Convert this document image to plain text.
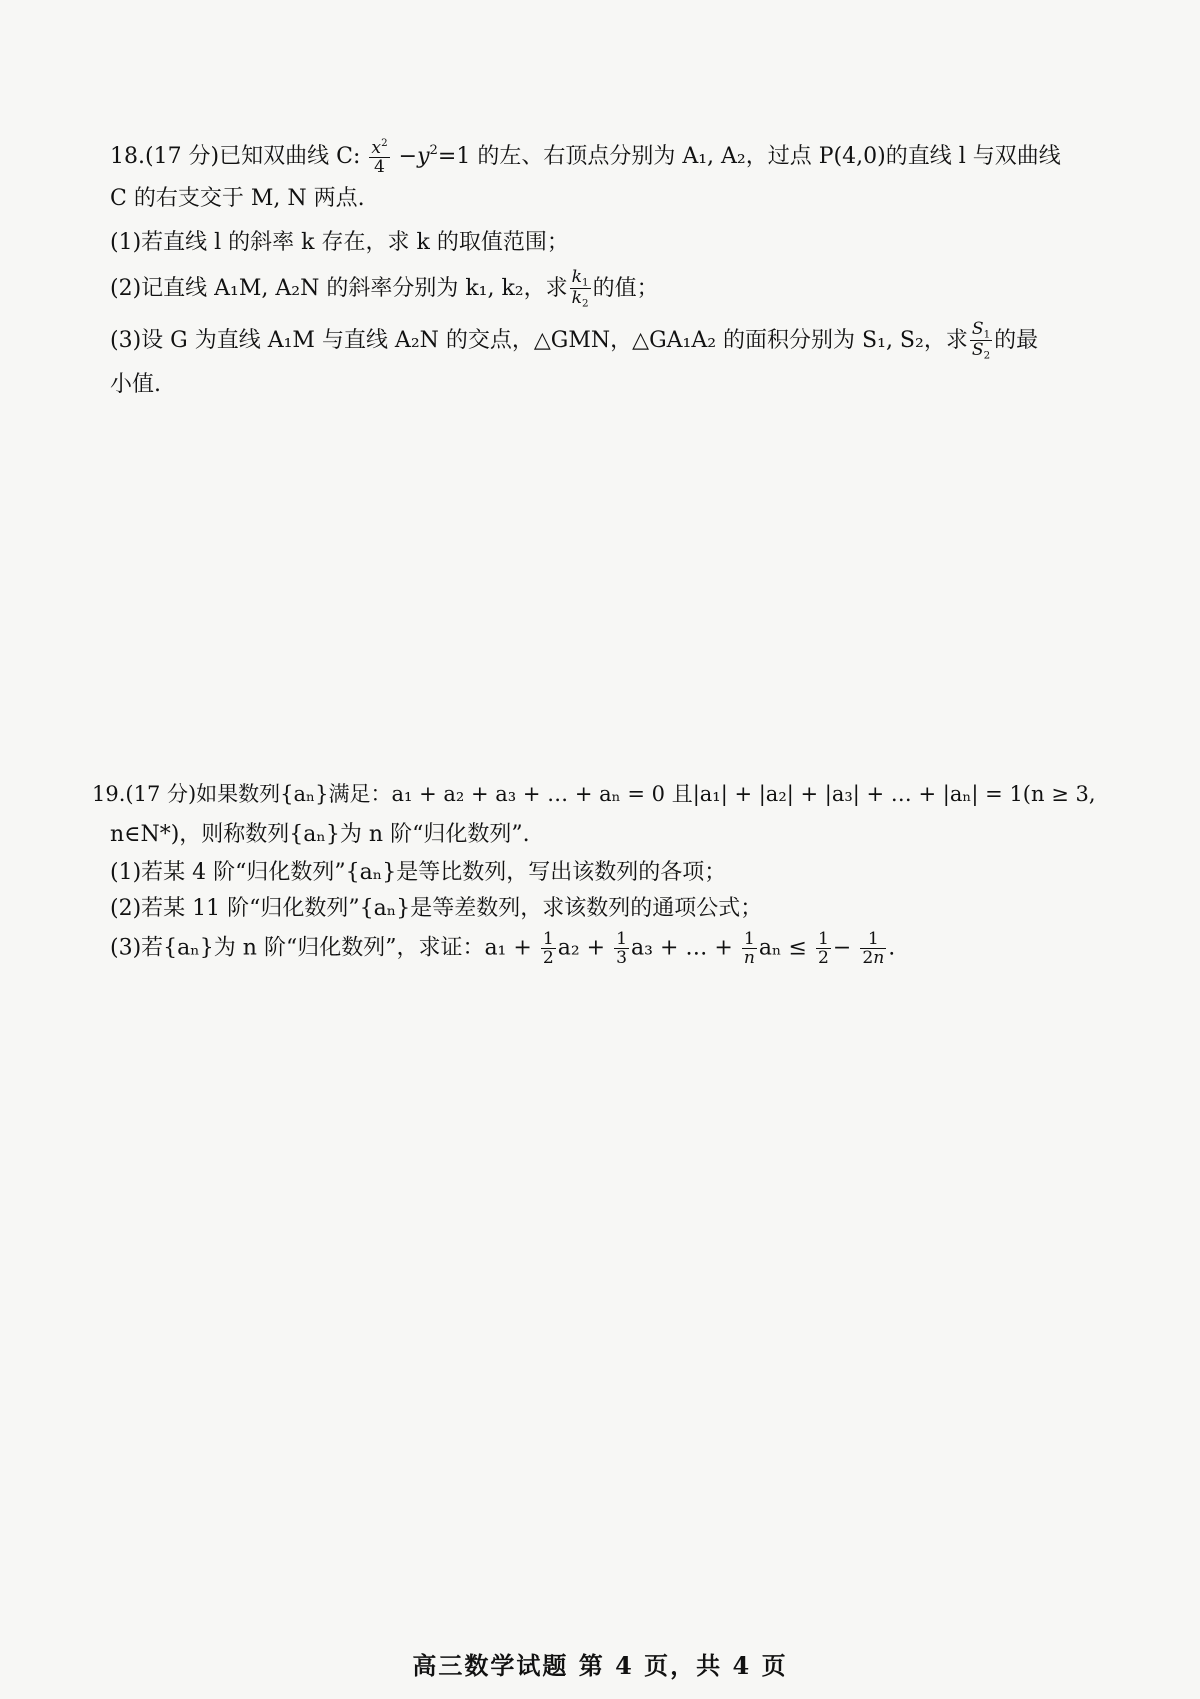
18.(17 分)已知双曲线 C: $\frac{x^2}{4} -y^2=1$ 的左、右顶点分别为 A₁, A₂，过点 P(4,0)的直线 l 与双曲线
C 的右支交于 M, N 两点.
(1)若直线 l 的斜率 k 存在，求 k 的取值范围；
(2)记直线 A₁M, A₂N 的斜率分别为 k₁, k₂，求 $\frac{k_1}{k_2}$ 的值；
(3)设 G 为直线 A₁M 与直线 A₂N 的交点，△GMN，△GA₁A₂ 的面积分别为 S₁, S₂，求 $\frac{S_1}{S_2}$ 的最
小值.
19.(17 分)如果数列{aₙ}满足：a₁ + a₂ + a₃ + … + aₙ = 0 且|a₁| + |a₂| + |a₃| + … + |aₙ| = 1(n ≥ 3,
n∈N*)，则称数列{aₙ}为 n 阶“归化数列”.
(1)若某 4 阶“归化数列”{aₙ}是等比数列，写出该数列的各项；
(2)若某 11 阶“归化数列”{aₙ}是等差数列，求该数列的通项公式；
(3)若{aₙ}为 n 阶“归化数列”，求证：$a_1 + \frac{1}{2} a_2 + \frac{1}{3} a_3$ + … + $\frac{1}{n}$ $a_n \le \frac{1}{2} - \frac{1}{2n}$ .
高三数学试题 第 4 页，共 4 页
